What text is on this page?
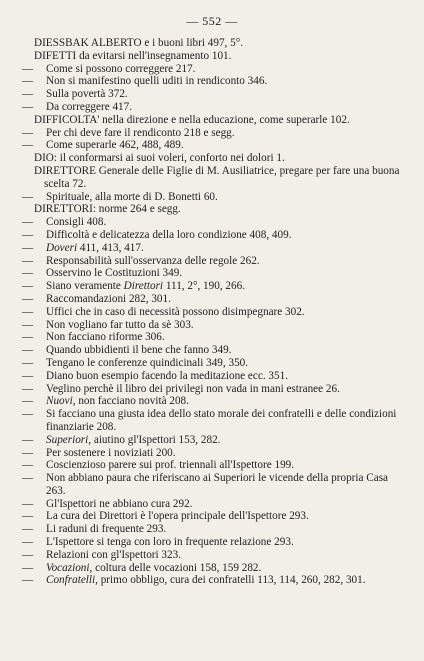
— 552 —
DIESSBAK ALBERTO e i buoni libri 497, 5°.
DIFETTI da evitarsi nell'insegnamento 101.
— Come si possono correggere 217.
— Non si manifestino quelli uditi in rendiconto 346.
— Sulla povertà 372.
— Da correggere 417.
DIFFICOLTA' nella direzione e nella educazione, come superarle 102.
— Per chi deve fare il rendiconto 218 e segg.
— Come superarle 462, 488, 489.
DIO: il conformarsi ai suoi voleri, conforto nei dolori 1.
DIRETTORE Generale delle Figlie di M. Ausiliatrice, pregare per fare una buona scelta 72.
— Spirituale, alla morte di D. Bonetti 60.
DIRETTORI: norme 264 e segg.
— Consigli 408.
— Difficoltà e delicatezza della loro condizione 408, 409.
— Doveri 411, 413, 417.
— Responsabilità sull'osservanza delle regole 262.
— Osservino le Costituzioni 349.
— Siano veramente Direttori 111, 2°, 190, 266.
— Raccomandazioni 282, 301.
— Uffici che in caso di necessità possono disimpegnare 302.
— Non vogliano far tutto da sè 303.
— Non facciano riforme 306.
— Quando ubbidienti il bene che fanno 349.
— Tengano le conferenze quindicinali 349, 350.
— Diano buon esempio facendo la meditazione ecc. 351.
— Veglino perchè il libro dei privilegi non vada in mani estranee 26.
— Nuovi, non facciano novità 208.
— Si facciano una giusta idea dello stato morale dei confratelli e delle condizioni finanziarie 208.
— Superiori, aiutino gl'Ispettori 153, 282.
— Per sostenere i noviziati 200.
— Coscienzioso parere sui prof. triennali all'Ispettore 199.
— Non abbiano paura che riferiscano ai Superiori le vicende della propria Casa 263.
— Gl'Ispettori ne abbiano cura 292.
— La cura dei Direttori è l'opera principale dell'Ispettore 293.
— Li raduni di frequente 293.
— L'Ispettore si tenga con loro in frequente relazione 293.
— Relazioni con gl'Ispettori 323.
— Vocazioni, coltura delle vocazioni 158, 159 282.
— Confratelli, primo obbligo, cura dei confratelli 113, 114, 260, 282, 301.
